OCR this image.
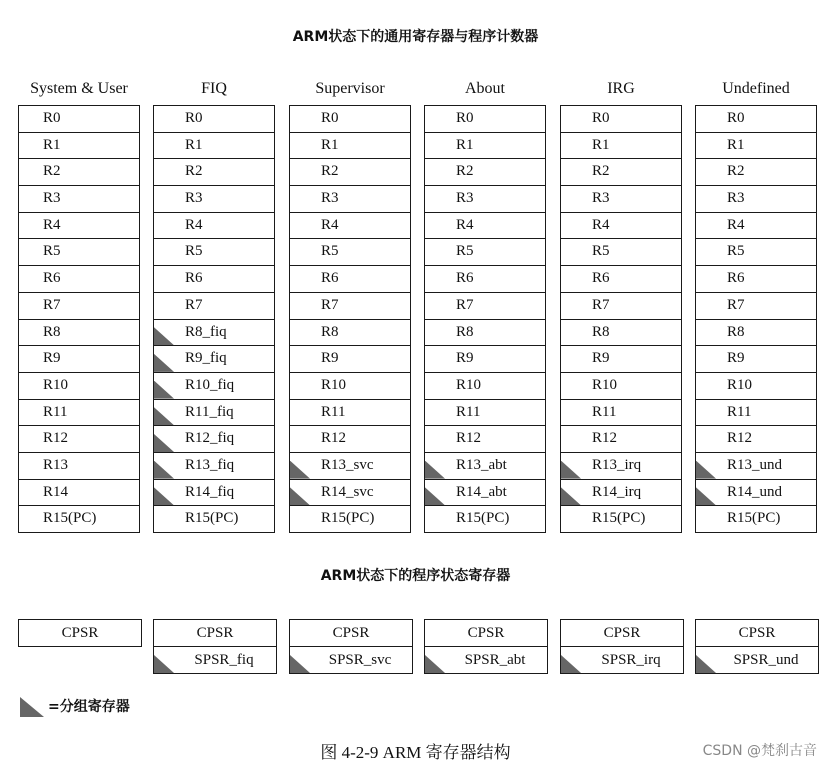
ARM状态下的通用寄存器与程序计数器
System & User
R0
R1
R2
R3
R4
R5
R6
R7
R8
R9
R10
R11
R12
R13
R14
R15(PC)
FIQ
R0
R1
R2
R3
R4
R5
R6
R7
R8_fiq
R9_fiq
R10_fiq
R11_fiq
R12_fiq
R13_fiq
R14_fiq
R15(PC)
Supervisor
R0
R1
R2
R3
R4
R5
R6
R7
R8
R9
R10
R11
R12
R13_svc
R14_svc
R15(PC)
About
R0
R1
R2
R3
R4
R5
R6
R7
R8
R9
R10
R11
R12
R13_abt
R14_abt
R15(PC)
IRG
R0
R1
R2
R3
R4
R5
R6
R7
R8
R9
R10
R11
R12
R13_irq
R14_irq
R15(PC)
Undefined
R0
R1
R2
R3
R4
R5
R6
R7
R8
R9
R10
R11
R12
R13_und
R14_und
R15(PC)
ARM状态下的程序状态寄存器
CPSR	CPSR
SPSR_fiq
CPSR
SPSR_svc
CPSR
SPSR_abt
CPSR
SPSR_irq
CPSR
SPSR_und
=分组寄存器
图 4-2-9 ARM 寄存器结构	CSDN @梵刹古音
